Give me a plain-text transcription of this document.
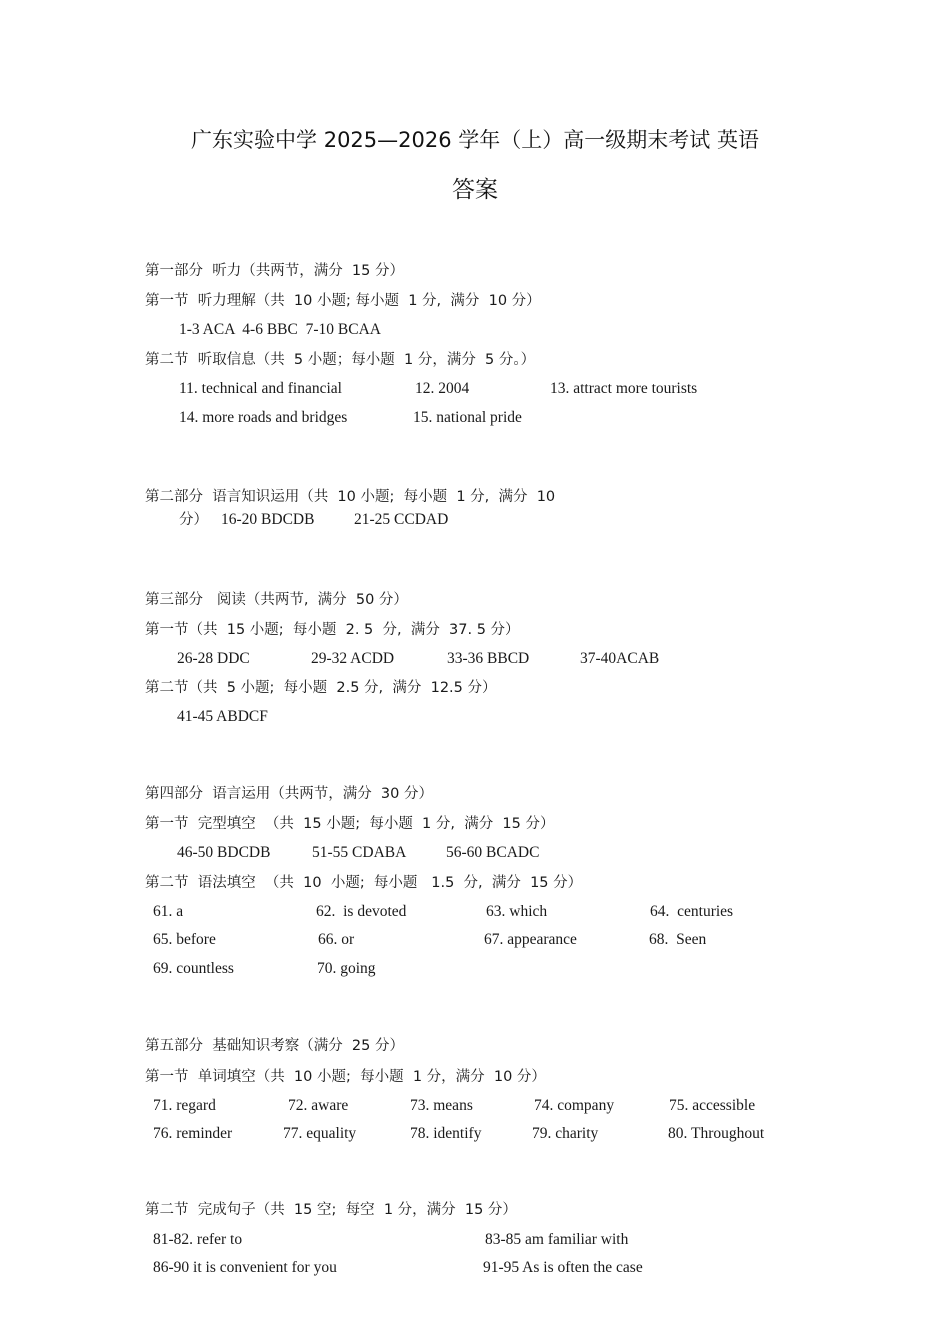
广东实验中学 2025—2026 学年（上）高一级期末考试 英语
答案
第一部分  听力（共两节，满分  15 分）
第一节  听力理解（共  10 小题; 每小题  1 分,  满分  10 分）
1-3 ACA  4-6 BBC  7-10 BCAA
第二节  听取信息（共  5 小题；每小题  1 分，满分  5 分。）
11. technical and financial	12. 2004	13. attract more tourists
14. more roads and bridges	15. national pride
第二部分  语言知识运用（共  10 小题;  每小题  1 分,  满分  10
分） 16-20 BDCDB	21-25 CCDAD
第三部分   阅读（共两节,  满分  50 分）
第一节（共  15 小题;  每小题  2. 5  分,  满分  37. 5 分）
26-28 DDC	29-32 ACDD	33-36 BBCD	37-40ACAB
第二节（共  5 小题;  每小题  2.5 分,  满分  12.5 分）
41-45 ABDCF
第四部分  语言运用（共两节，满分  30 分）
第一节  完型填空  （共  15 小题;  每小题  1 分,  满分  15 分）
46-50 BDCDB	51-55 CDABA	56-60 BCADC
第二节  语法填空  （共  10  小题;  每小题   1.5  分,  满分  15 分）
61. a	62.  is devoted	63. which	64.  centuries
65. before	66. or	67. appearance	68.  Seen
69. countless	70. going
第五部分  基础知识考察（满分  25 分）
第一节  单词填空（共  10 小题;  每小题  1 分，满分  10 分）
71. regard	72. aware	73. means	74. company	75. accessible
76. reminder	77. equality	78. identify	79. charity	80. Throughout
第二节  完成句子（共  15 空;  每空  1 分，满分  15 分）
81-82. refer to	83-85 am familiar with
86-90 it is convenient for you	91-95 As is often the case
